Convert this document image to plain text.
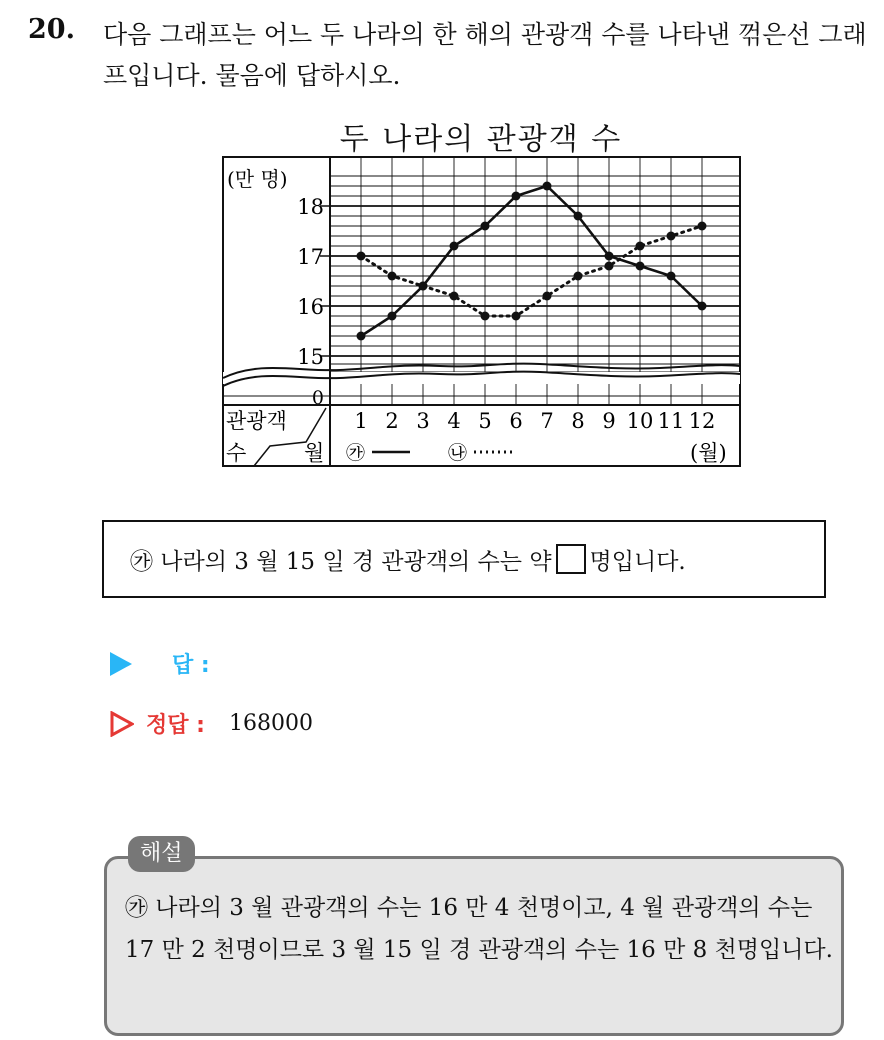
20. 다음 그래프는 어느 두 나라의 한 해의 관광객 수를 나타낸 꺾은선 그래프입니다. 물음에 답하시오.
두 나라의 관광객 수
15
16
17
18
0
(만 명)
1 2 3 4 5 6 7 8 9 10 11 12
관광객
수	월 ㉮	㉯	(월)
㉮ 나라의 3 월 15 일 경 관광객의 수는 약 명입니다.
답 :
정답 : 168000
㉮ 나라의 3 월 관광객의 수는 16 만 4 천명이고, 4 월 관광객의 수는 17 만 2 천명이므로 3 월 15 일 경 관광객의 수는 16 만 8 천명입니다.
해설
